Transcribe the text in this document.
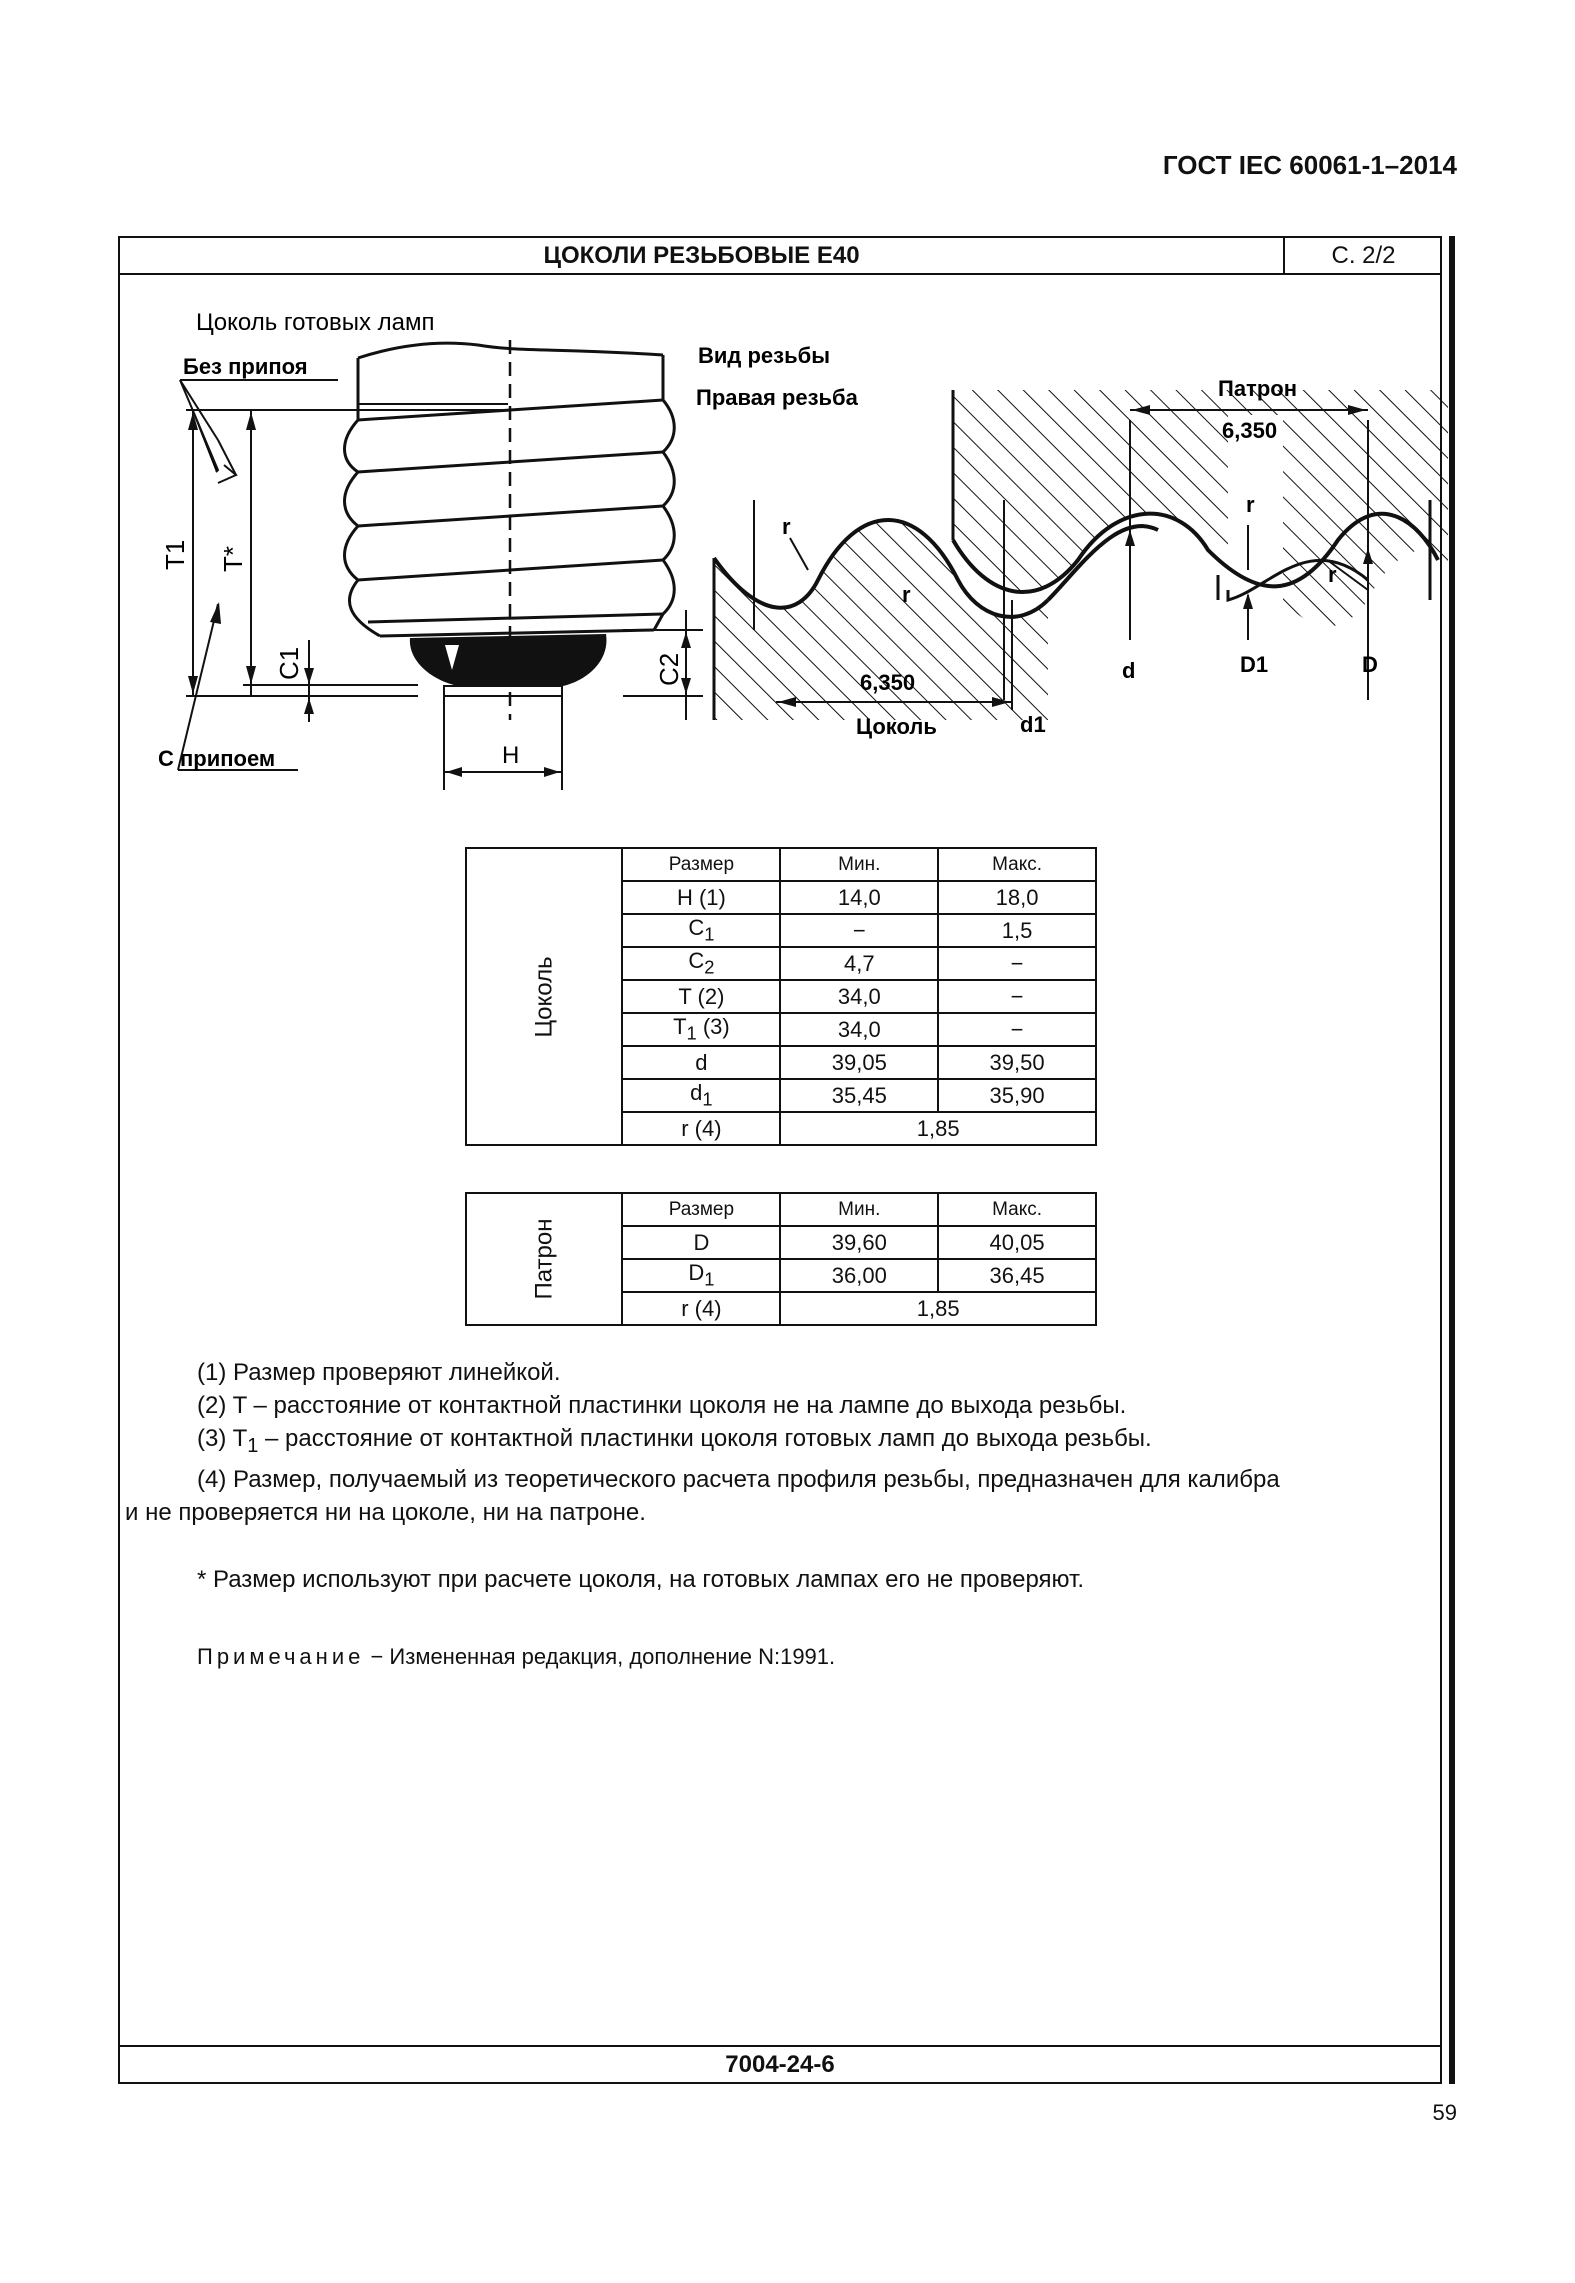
ГОСТ IEC 60061-1–2014
ЦОКОЛИ РЕЗЬБОВЫЕ E40	С. 2/2
7004-24-6
Цоколь готовых ламп
Без припоя
С припоем
T1 T*
C1	C2
H
Вид резьбы
Правая резьба	Патрон
6,350
6,350
Цоколь
r
r
r
r
d
d1
D1	D
Цоколь	Размер	Мин.	Макс.
	H (1)	14,0	18,0
	$C_1$	−	1,5
	$C_2$	4,7	−
	T (2)	34,0	−
	$T_1$ (3)	34,0	−
	d	39,05	39,50
	$d_1$	35,45	35,90
	r (4)	1,85	
Патрон	Размер	Мин.	Макс.
	D	39,60	40,05
	$D_1$	36,00	36,45
	r (4)	1,85	

(1) Размер проверяют линейкой.

(2) T – расстояние от контактной пластинки цоколя не на лампе до выхода резьбы.

(3) $T_1$ – расстояние от контактной пластинки цоколя готовых ламп до выхода резьбы.

(4) Размер, получаемый из теоретического расчета профиля резьбы, предназначен для калибра

и не проверяется ни на цоколе, ни на патроне.

* Размер используют при расчете цоколя, на готовых лампах его не проверяют.

Примечание − Измененная редакция, дополнение N:1991.

59
